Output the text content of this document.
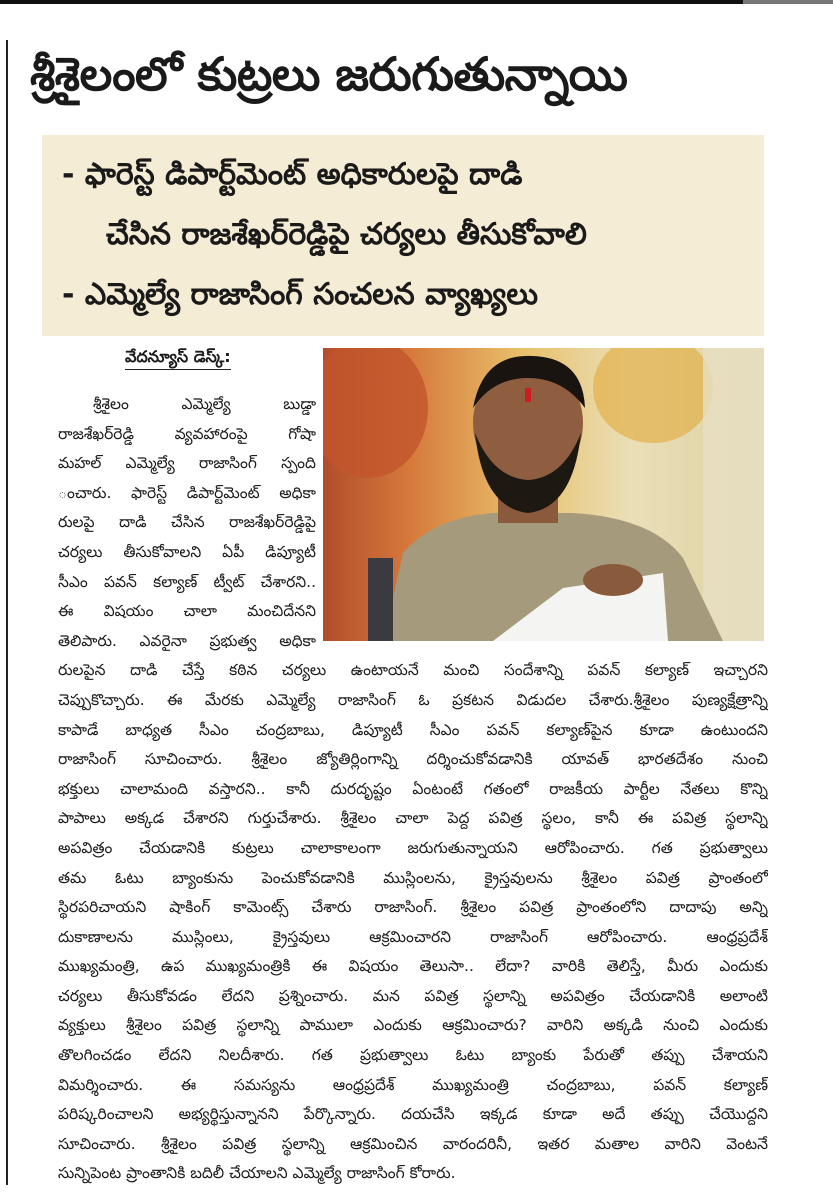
శ్రీశైలంలో కుట్రలు జరుగుతున్నాయి
- ఫారెస్ట్ డిపార్ట్‌మెంట్ అధికారులపై దాడి
చేసిన రాజశేఖర్‌రెడ్డిపై చర్యలు తీసుకోవాలి
- ఎమ్మెల్యే రాజాసింగ్ సంచలన వ్యాఖ్యలు
వేదన్యూస్ డెస్క్:
శ్రీశైలం ఎమ్మెల్యే బుడ్డా
రాజశేఖర్‌రెడ్డి వ్యవహారంపై గోషా
మహల్ ఎమ్మెల్యే రాజాసింగ్ స్పంది
ంచారు. ఫారెస్ట్ డిపార్ట్‌మెంట్ అధికా
రులపై దాడి చేసిన రాజశేఖర్‌రెడ్డిపై
చర్యలు తీసుకోవాలని ఏపీ డిప్యూటీ
సీఎం పవన్ కల్యాణ్ ట్వీట్ చేశారని..
ఈ విషయం చాలా మంచిదేనని
తెలిపారు. ఎవరైనా ప్రభుత్వ అధికా
రులపైన దాడి చేస్తే కఠిన చర్యలు ఉంటాయనే మంచి సందేశాన్ని పవన్ కల్యాణ్ ఇచ్చారని
చెప్పుకొచ్చారు. ఈ మేరకు ఎమ్మెల్యే రాజాసింగ్ ఓ ప్రకటన విడుదల చేశారు.శ్రీశైలం పుణ్యక్షేత్రాన్ని
కాపాడే బాధ్యత సీఎం చంద్రబాబు, డిప్యూటీ సీఎం పవన్ కల్యాణ్‌పైన కూడా ఉంటుందని
రాజాసింగ్ సూచించారు. శ్రీశైలం జ్యోతిర్లింగాన్ని దర్శించుకోవడానికి యావత్ భారతదేశం నుంచి
భక్తులు చాలామంది వస్తారని.. కానీ దురదృష్టం ఏంటంటే గతంలో రాజకీయ పార్టీల నేతలు కొన్ని
పాపాలు అక్కడ చేశారని గుర్తుచేశారు. శ్రీశైలం చాలా పెద్ద పవిత్ర స్థలం, కానీ ఈ పవిత్ర స్థలాన్ని
అపవిత్రం చేయడానికి కుట్రలు చాలాకాలంగా జరుగుతున్నాయని ఆరోపించారు. గత ప్రభుత్వాలు
తమ ఓటు బ్యాంకును పెంచుకోవడానికి ముస్లింలను, క్రైస్తవులను శ్రీశైలం పవిత్ర ప్రాంతంలో
స్థిరపరిచాయని షాకింగ్ కామెంట్స్ చేశారు రాజాసింగ్. శ్రీశైలం పవిత్ర ప్రాంతంలోని దాదాపు అన్ని
దుకాణాలను ముస్లింలు, క్రైస్తవులు ఆక్రమించారని రాజాసింగ్ ఆరోపించారు. ఆంధ్రప్రదేశ్
ముఖ్యమంత్రి, ఉప ముఖ్యమంత్రికి ఈ విషయం తెలుసా.. లేదా? వారికి తెలిస్తే, మీరు ఎందుకు
చర్యలు తీసుకోవడం లేదని ప్రశ్నించారు. మన పవిత్ర స్థలాన్ని అపవిత్రం చేయడానికి అలాంటి
వ్యక్తులు శ్రీశైలం పవిత్ర స్థలాన్ని పాములా ఎందుకు ఆక్రమించారు? వారిని అక్కడి నుంచి ఎందుకు
తొలగించడం లేదని నిలదీశారు. గత ప్రభుత్వాలు ఓటు బ్యాంకు పేరుతో తప్పు చేశాయని
విమర్శించారు. ఈ సమస్యను ఆంధ్రప్రదేశ్ ముఖ్యమంత్రి చంద్రబాబు, పవన్ కల్యాణ్
పరిష్కరించాలని అభ్యర్థిస్తున్నానని పేర్కొన్నారు. దయచేసి ఇక్కడ కూడా అదే తప్పు చేయొద్దని
సూచించారు. శ్రీశైలం పవిత్ర స్థలాన్ని ఆక్రమించిన వారందరినీ, ఇతర మతాల వారిని వెంటనే
సున్నిపెంట ప్రాంతానికి బదిలీ చేయాలని ఎమ్మెల్యే రాజాసింగ్ కోరారు.
